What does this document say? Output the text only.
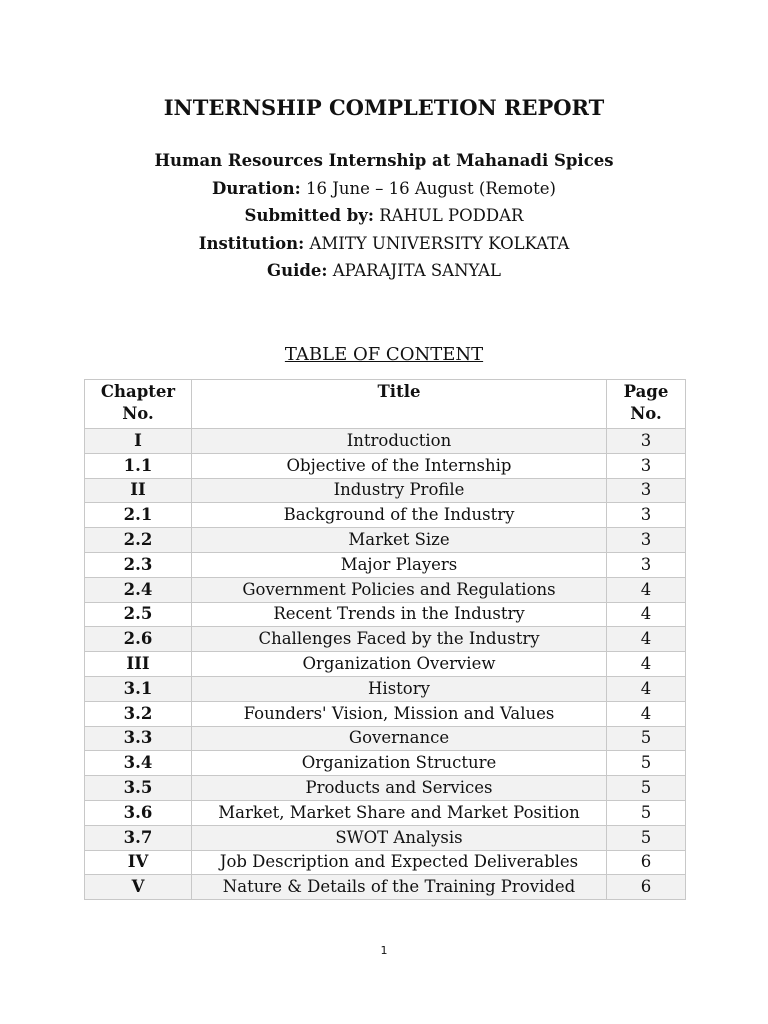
INTERNSHIP COMPLETION REPORT
Human Resources Internship at Mahanadi Spices
Duration: 16 June – 16 August (Remote)
Submitted by: RAHUL PODDAR
Institution: AMITY UNIVERSITY KOLKATA
Guide: APARAJITA SANYAL
TABLE OF CONTENT
Chapter No.	Title	Page No.
I	Introduction	3
1.1	Objective of the Internship	3
II	Industry Profile	3
2.1	Background of the Industry	3
2.2	Market Size	3
2.3	Major Players	3
2.4	Government Policies and Regulations	4
2.5	Recent Trends in the Industry	4
2.6	Challenges Faced by the Industry	4
III	Organization Overview	4
3.1	History	4
3.2	Founders' Vision, Mission and Values	4
3.3	Governance	5
3.4	Organization Structure	5
3.5	Products and Services	5
3.6	Market, Market Share and Market Position	5
3.7	SWOT Analysis	5
IV	Job Description and Expected Deliverables	6
V	Nature & Details of the Training Provided	6
1
